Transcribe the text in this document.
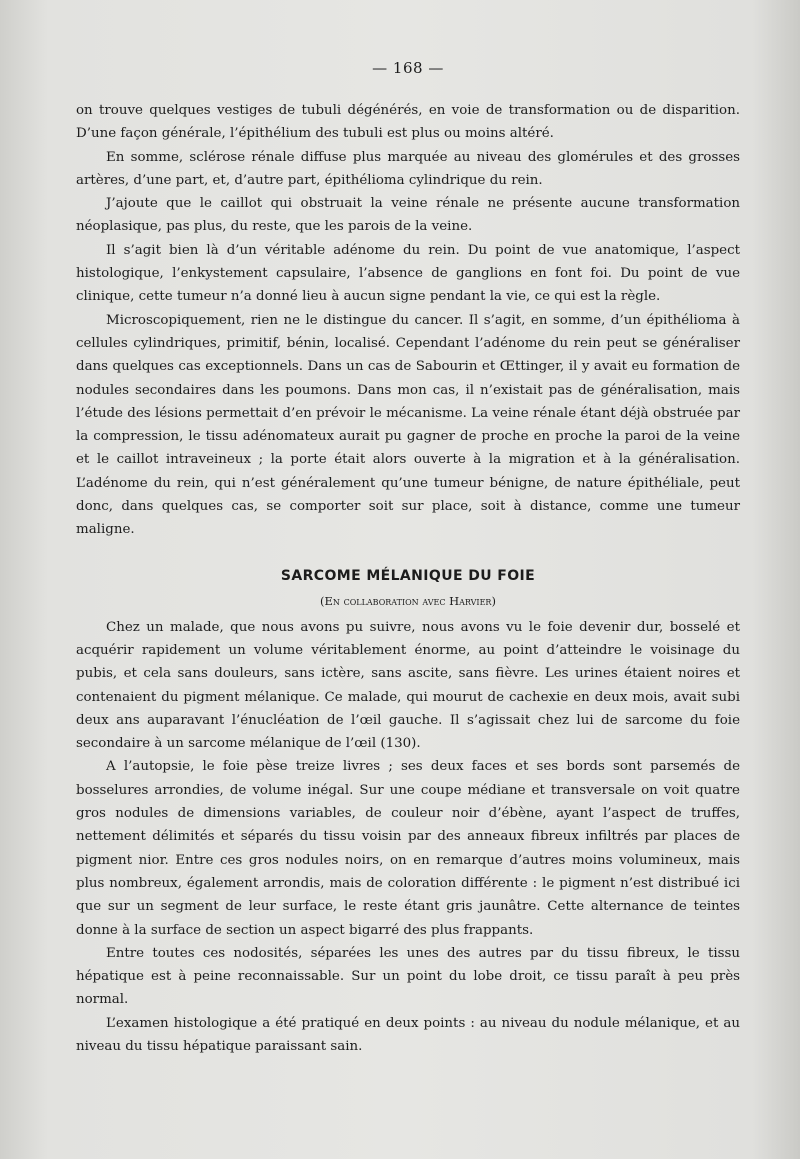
— 168 —

on trouve quelques vestiges de tubuli dégénérés, en voie de transformation ou de disparition. D’une façon générale, l’épithélium des tubuli est plus ou moins altéré.

En somme, sclérose rénale diffuse plus marquée au niveau des glomérules et des grosses artères, d’une part, et, d’autre part, épithélioma cylindrique du rein.

J’ajoute que le caillot qui obstruait la veine rénale ne présente aucune transformation néoplasique, pas plus, du reste, que les parois de la veine.

Il s’agit bien là d’un véritable adénome du rein. Du point de vue anatomique, l’aspect histologique, l’enkystement capsulaire, l’absence de ganglions en font foi. Du point de vue clinique, cette tumeur n’a donné lieu à aucun signe pendant la vie, ce qui est la règle.

Microscopiquement, rien ne le distingue du cancer. Il s’agit, en somme, d’un épithélioma à cellules cylindriques, primitif, bénin, localisé. Cependant l’adénome du rein peut se généraliser dans quelques cas exceptionnels. Dans un cas de Sabourin et Œttinger, il y avait eu formation de nodules secondaires dans les poumons. Dans mon cas, il n’existait pas de généralisation, mais l’étude des lésions permettait d’en prévoir le mécanisme. La veine rénale étant déjà obstruée par la compression, le tissu adénomateux aurait pu gagner de proche en proche la paroi de la veine et le caillot intraveineux ; la porte était alors ouverte à la migration et à la généralisation. L’adénome du rein, qui n’est généralement qu’une tumeur bénigne, de nature épithéliale, peut donc, dans quelques cas, se comporter soit sur place, soit à distance, comme une tumeur maligne.

SARCOME MÉLANIQUE DU FOIE
(En collaboration avec Harvier)

Chez un malade, que nous avons pu suivre, nous avons vu le foie devenir dur, bosselé et acquérir rapidement un volume véritablement énorme, au point d’atteindre le voisinage du pubis, et cela sans douleurs, sans ictère, sans ascite, sans fièvre. Les urines étaient noires et contenaient du pigment mélanique. Ce malade, qui mourut de cachexie en deux mois, avait subi deux ans auparavant l’énucléation de l’œil gauche. Il s’agissait chez lui de sarcome du foie secondaire à un sarcome mélanique de l’œil (130).

A l’autopsie, le foie pèse treize livres ; ses deux faces et ses bords sont parsemés de bosselures arrondies, de volume inégal. Sur une coupe médiane et transversale on voit quatre gros nodules de dimensions variables, de couleur noir d’ébène, ayant l’aspect de truffes, nettement délimités et séparés du tissu voisin par des anneaux fibreux infiltrés par places de pigment nior. Entre ces gros nodules noirs, on en remarque d’autres moins volumineux, mais plus nombreux, également arrondis, mais de coloration différente : le pigment n’est distribué ici que sur un segment de leur surface, le reste étant gris jaunâtre. Cette alternance de teintes donne à la surface de section un aspect bigarré des plus frappants.

Entre toutes ces nodosités, séparées les unes des autres par du tissu fibreux, le tissu hépatique est à peine reconnaissable. Sur un point du lobe droit, ce tissu paraît à peu près normal.

L’examen histologique a été pratiqué en deux points : au niveau du nodule mélanique, et au niveau du tissu hépatique paraissant sain.
